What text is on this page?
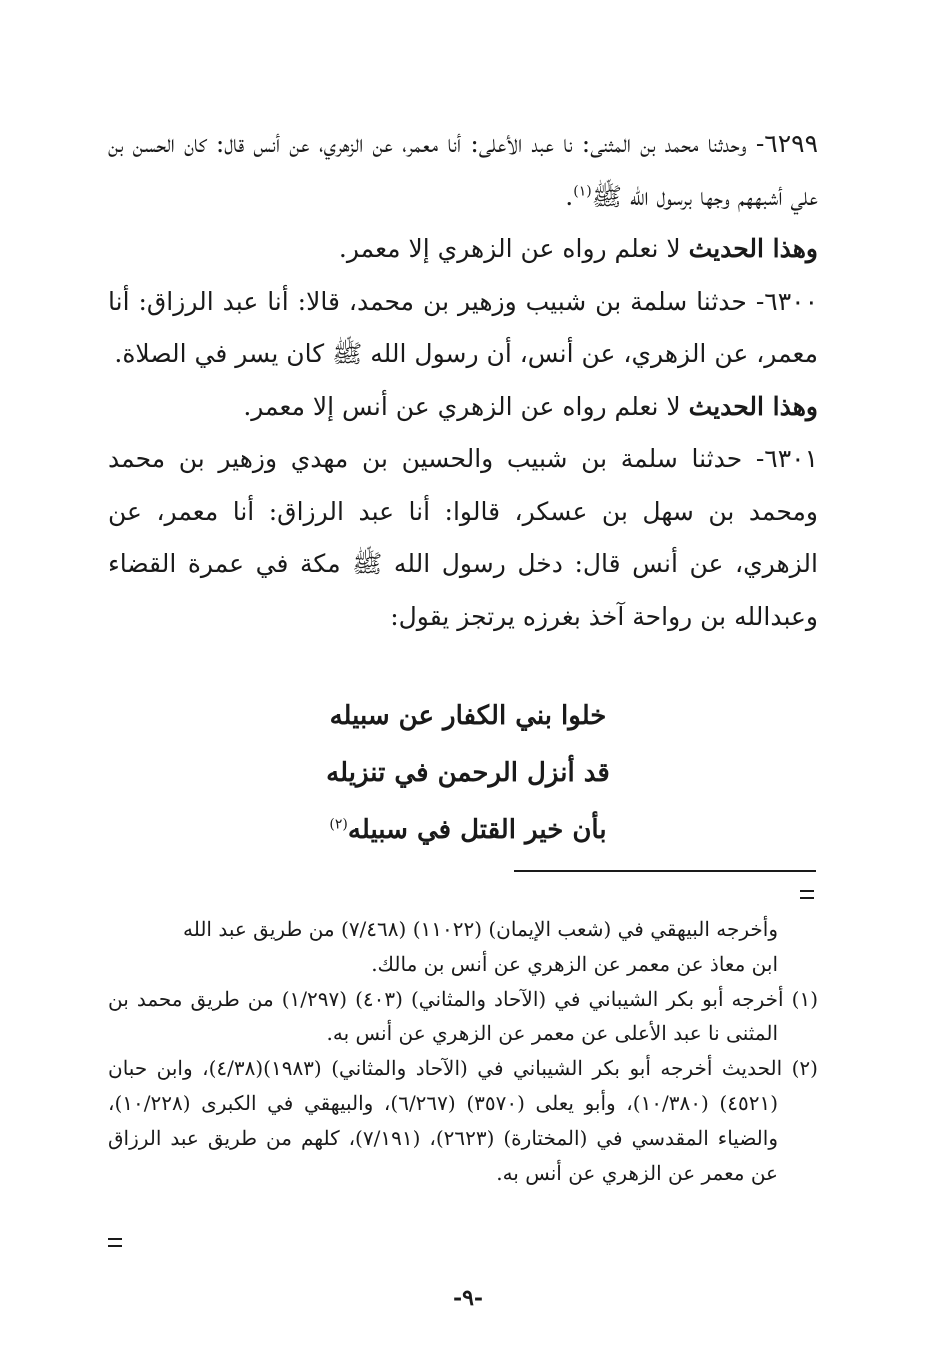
٦٢٩٩- وحدثنا محمد بن المثنى: نا عبد الأعلى: أنا معمر، عن الزهري، عن أنس قال: كان الحسن بن علي أشبههم وجها برسول الله ﷺ$^{(١)}$.

وهذا الحديث لا نعلم رواه عن الزهري إلا معمر.

٦٣٠٠- حدثنا سلمة بن شبيب وزهير بن محمد، قالا: أنا عبد الرزاق: أنا معمر، عن الزهري، عن أنس، أن رسول الله ﷺ كان يسر في الصلاة.

وهذا الحديث لا نعلم رواه عن الزهري عن أنس إلا معمر.

٦٣٠١- حدثنا سلمة بن شبيب والحسين بن مهدي وزهير بن محمد ومحمد بن سهل بن عسكر، قالوا: أنا عبد الرزاق: أنا معمر، عن الزهري، عن أنس قال: دخل رسول الله ﷺ مكة في عمرة القضاء وعبدالله بن رواحة آخذ بغرزه يرتجز يقول:

خلوا بني الكفار عن سبيله
قد أنزل الرحمن في تنزيله
بأن خير القتل في سبيله$^{(٢)}$

وأخرجه البيهقي في (شعب الإيمان) (١١٠٢٢) (٧/٤٦٨) من طريق عبد الله

ابن معاذ عن معمر عن الزهري عن أنس بن مالك.

(١) أخرجه أبو بكر الشيباني في (الآحاد والمثاني) (٤٠٣) (١/٢٩٧) من طريق محمد بن المثنى نا عبد الأعلى عن معمر عن الزهري عن أنس به.

(٢) الحديث أخرجه أبو بكر الشيباني في (الآحاد والمثاني) (١٩٨٣)(٤/٣٨)، وابن حبان (٤٥٢١) (١٠/٣٨٠)، وأبو يعلى (٣٥٧٠) (٦/٢٦٧)، والبيهقي في الكبرى (١٠/٢٢٨)، والضياء المقدسي في (المختارة) (٢٦٢٣)، (٧/١٩١)، كلهم من طريق عبد الرزاق عن معمر عن الزهري عن أنس به.

-٩-
